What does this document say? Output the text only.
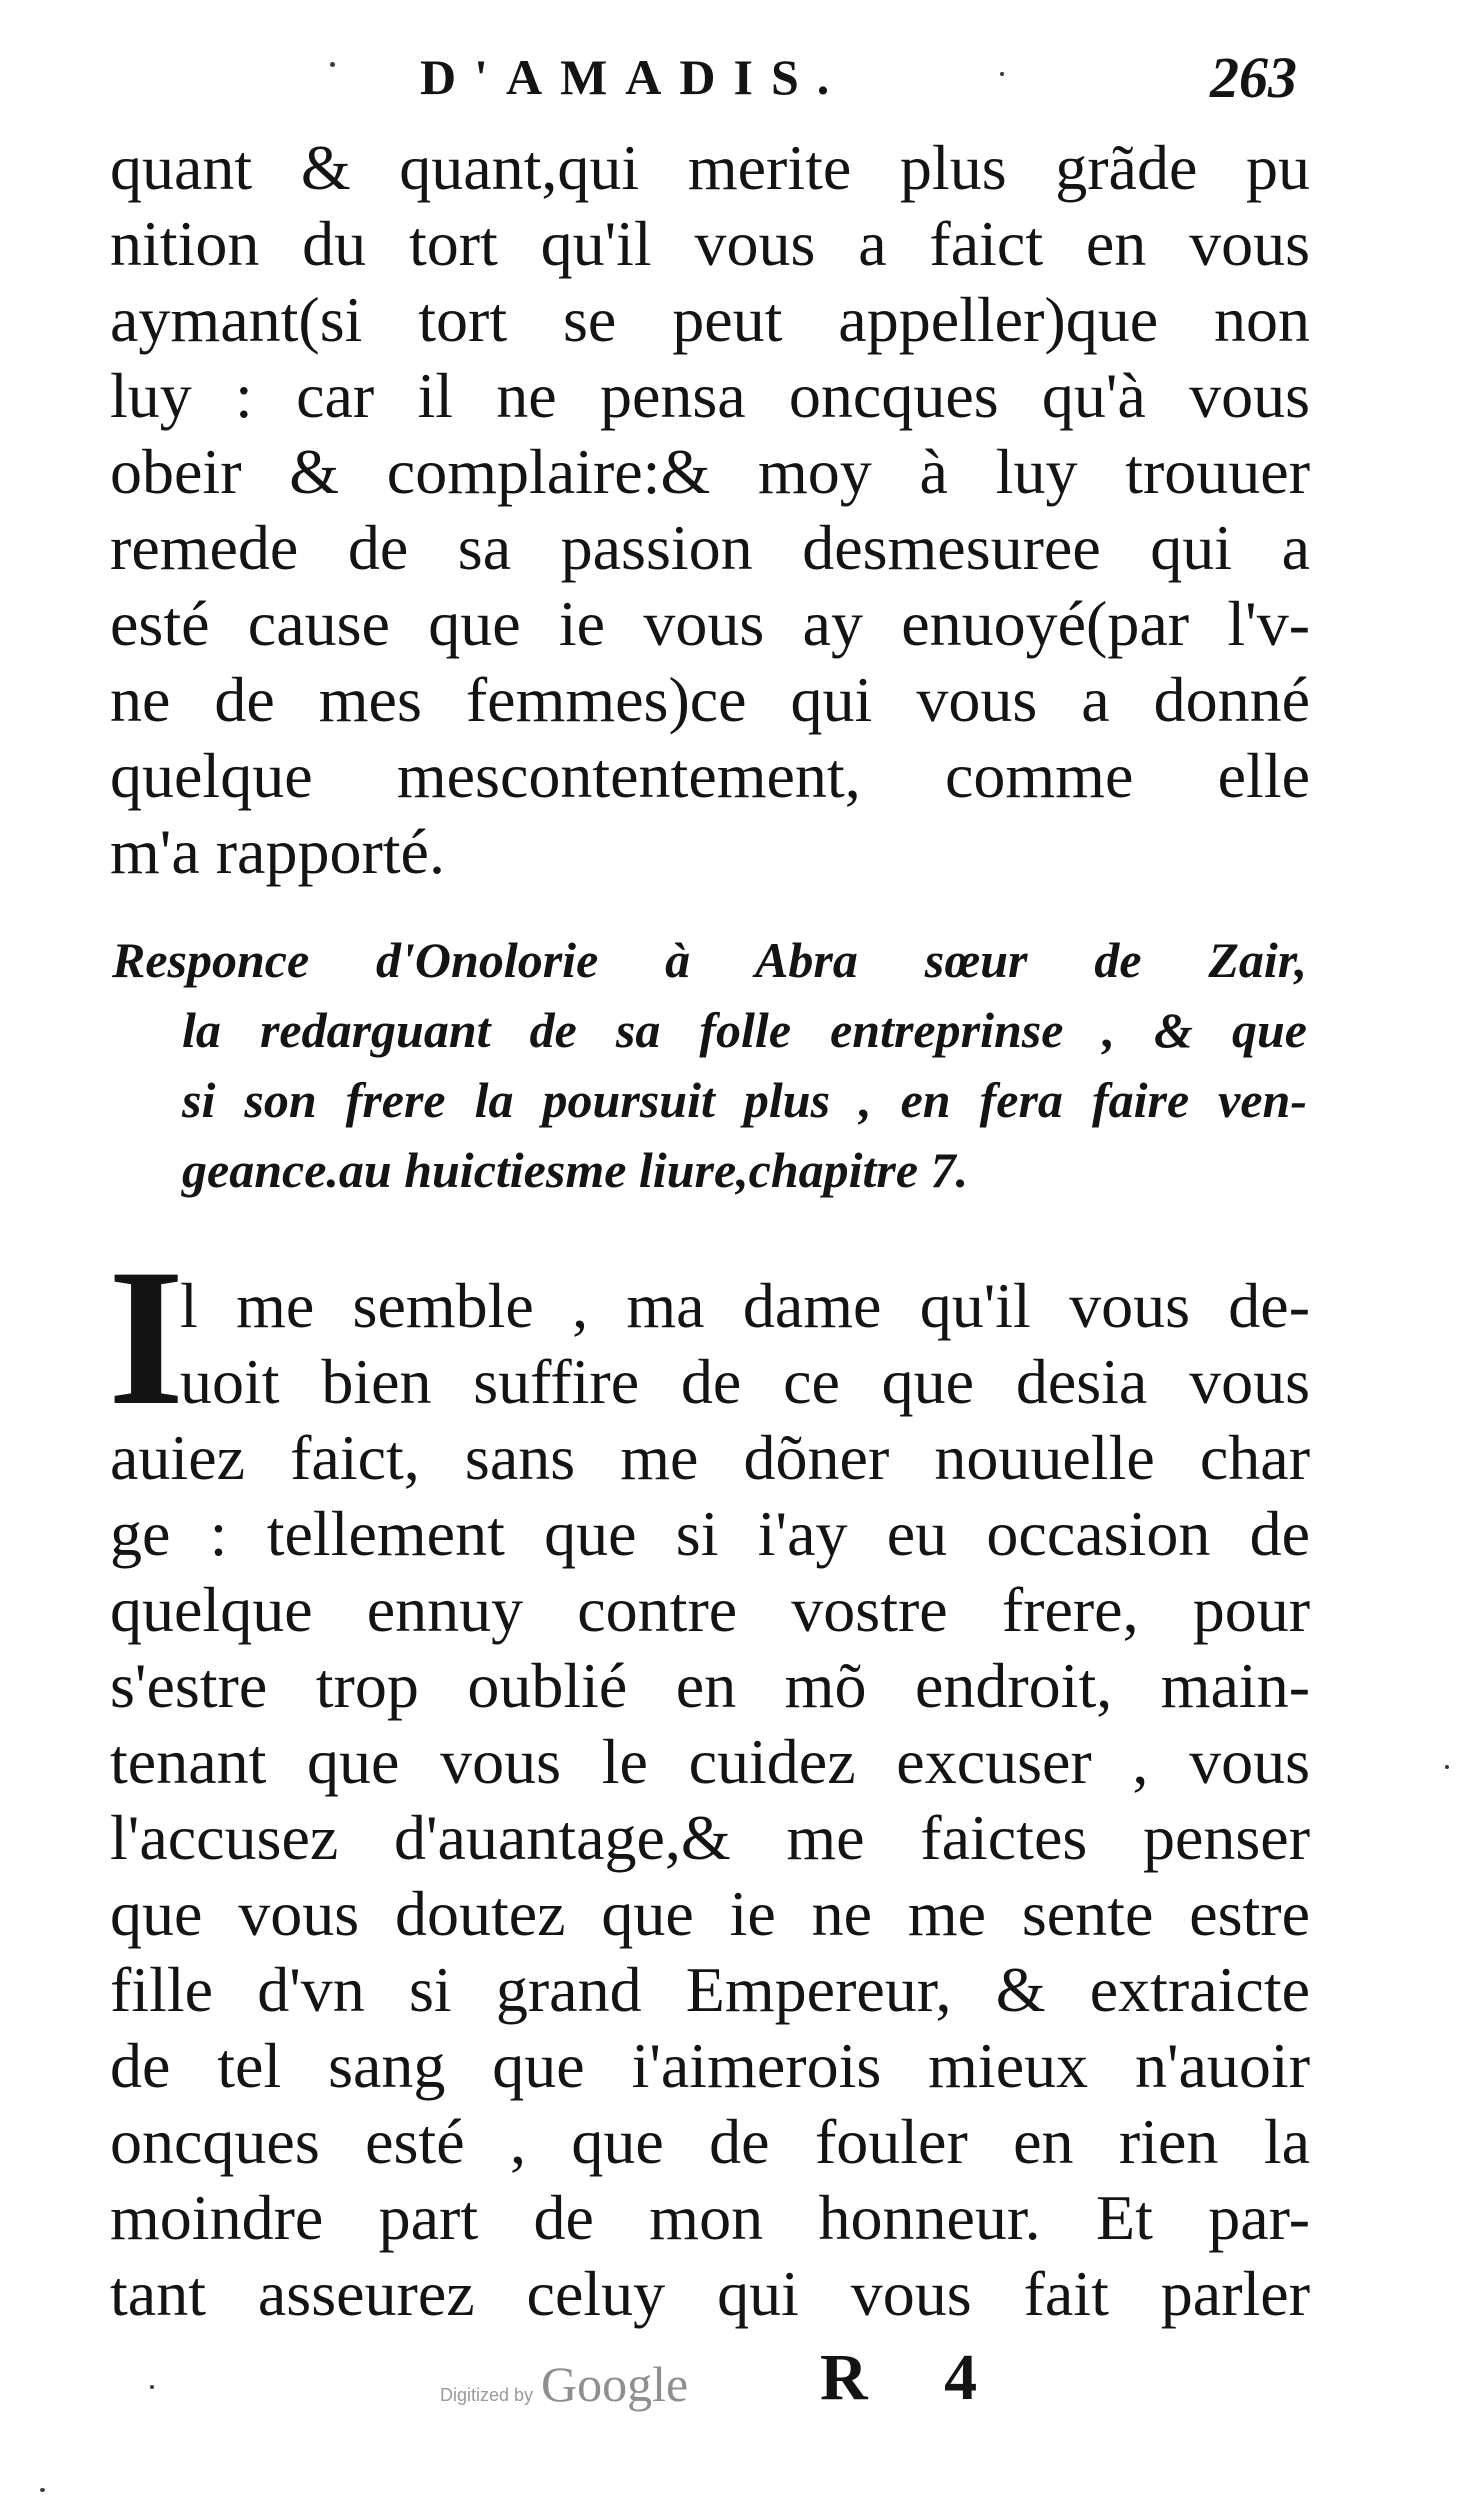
D'AMADIS.	263
quant & quant,qui merite plus grãde pu
nition du tort qu'il vous a faict en vous
aymant(si tort se peut appeller)que non
luy : car il ne pensa oncques qu'à vous
obeir & complaire:& moy à luy trouuer
remede de sa passion desmesuree qui a
esté cause que ie vous ay enuoyé(par l'v-
ne de mes femmes)ce qui vous a donné
quelque mescontentement, comme elle
m'a rapporté.
Responce d'Onolorie à Abra sœur de Zair,
la redarguant de sa folle entreprinse , & que
si son frere la poursuit plus , en fera faire ven-
geance.au huictiesme liure,chapitre 7.
I
l me semble , ma dame qu'il vous de-
uoit bien suffire de ce que desia vous
auiez faict, sans me dõner nouuelle char
ge : tellement que si i'ay eu occasion de
quelque ennuy contre vostre frere, pour
s'estre trop oublié en mõ endroit, main-
tenant que vous le cuidez excuser , vous
l'accusez d'auantage,& me faictes penser
que vous doutez que ie ne me sente estre
fille d'vn si grand Empereur, & extraicte
de tel sang que i'aimerois mieux n'auoir
oncques esté , que de fouler en rien la
moindre part de mon honneur. Et par-
tant asseurez celuy qui vous fait parler
Digitized by Google R 4
